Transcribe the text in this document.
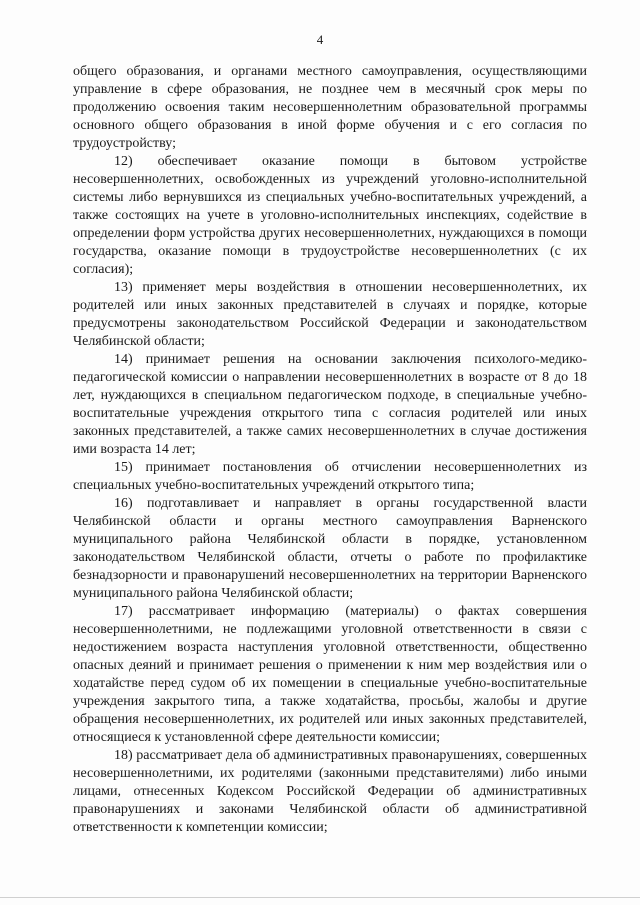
4

общего образования, и органами местного самоуправления, осуществляющими управление в сфере образования, не позднее чем в месячный срок меры по продолжению освоения таким несовершеннолетним образовательной программы основного общего образования в иной форме обучения и с его согласия по трудоустройству;

12) обеспечивает оказание помощи в бытовом устройстве несовершеннолетних, освобожденных из учреждений уголовно-исполнительной системы либо вернувшихся из специальных учебно-воспитательных учреждений, а также состоящих на учете в уголовно-исполнительных инспекциях, содействие в определении форм устройства других несовершеннолетних, нуждающихся в помощи государства, оказание помощи в трудоустройстве несовершеннолетних (с их согласия);

13) применяет меры воздействия в отношении несовершеннолетних, их родителей или иных законных представителей в случаях и порядке, которые предусмотрены законодательством Российской Федерации и законодательством Челябинской области;

14) принимает решения на основании заключения психолого-медико-педагогической комиссии о направлении несовершеннолетних в возрасте от 8 до 18 лет, нуждающихся в специальном педагогическом подходе, в специальные учебно-воспитательные учреждения открытого типа с согласия родителей или иных законных представителей, а также самих несовершеннолетних в случае достижения ими возраста 14 лет;

15) принимает постановления об отчислении несовершеннолетних из специальных учебно-воспитательных учреждений открытого типа;

16) подготавливает и направляет в органы государственной власти Челябинской области и органы местного самоуправления Варненского муниципального района Челябинской области в порядке, установленном законодательством Челябинской области, отчеты о работе по профилактике безнадзорности и правонарушений несовершеннолетних на территории Варненского муниципального района Челябинской области;

17) рассматривает информацию (материалы) о фактах совершения несовершеннолетними, не подлежащими уголовной ответственности в связи с недостижением возраста наступления уголовной ответственности, общественно опасных деяний и принимает решения о применении к ним мер воздействия или о ходатайстве перед судом об их помещении в специальные учебно-воспитательные учреждения закрытого типа, а также ходатайства, просьбы, жалобы и другие обращения несовершеннолетних, их родителей или иных законных представителей, относящиеся к установленной сфере деятельности комиссии;

18) рассматривает дела об административных правонарушениях, совершенных несовершеннолетними, их родителями (законными представителями) либо иными лицами, отнесенных Кодексом Российской Федерации об административных правонарушениях и законами Челябинской области об административной ответственности к компетенции комиссии;
